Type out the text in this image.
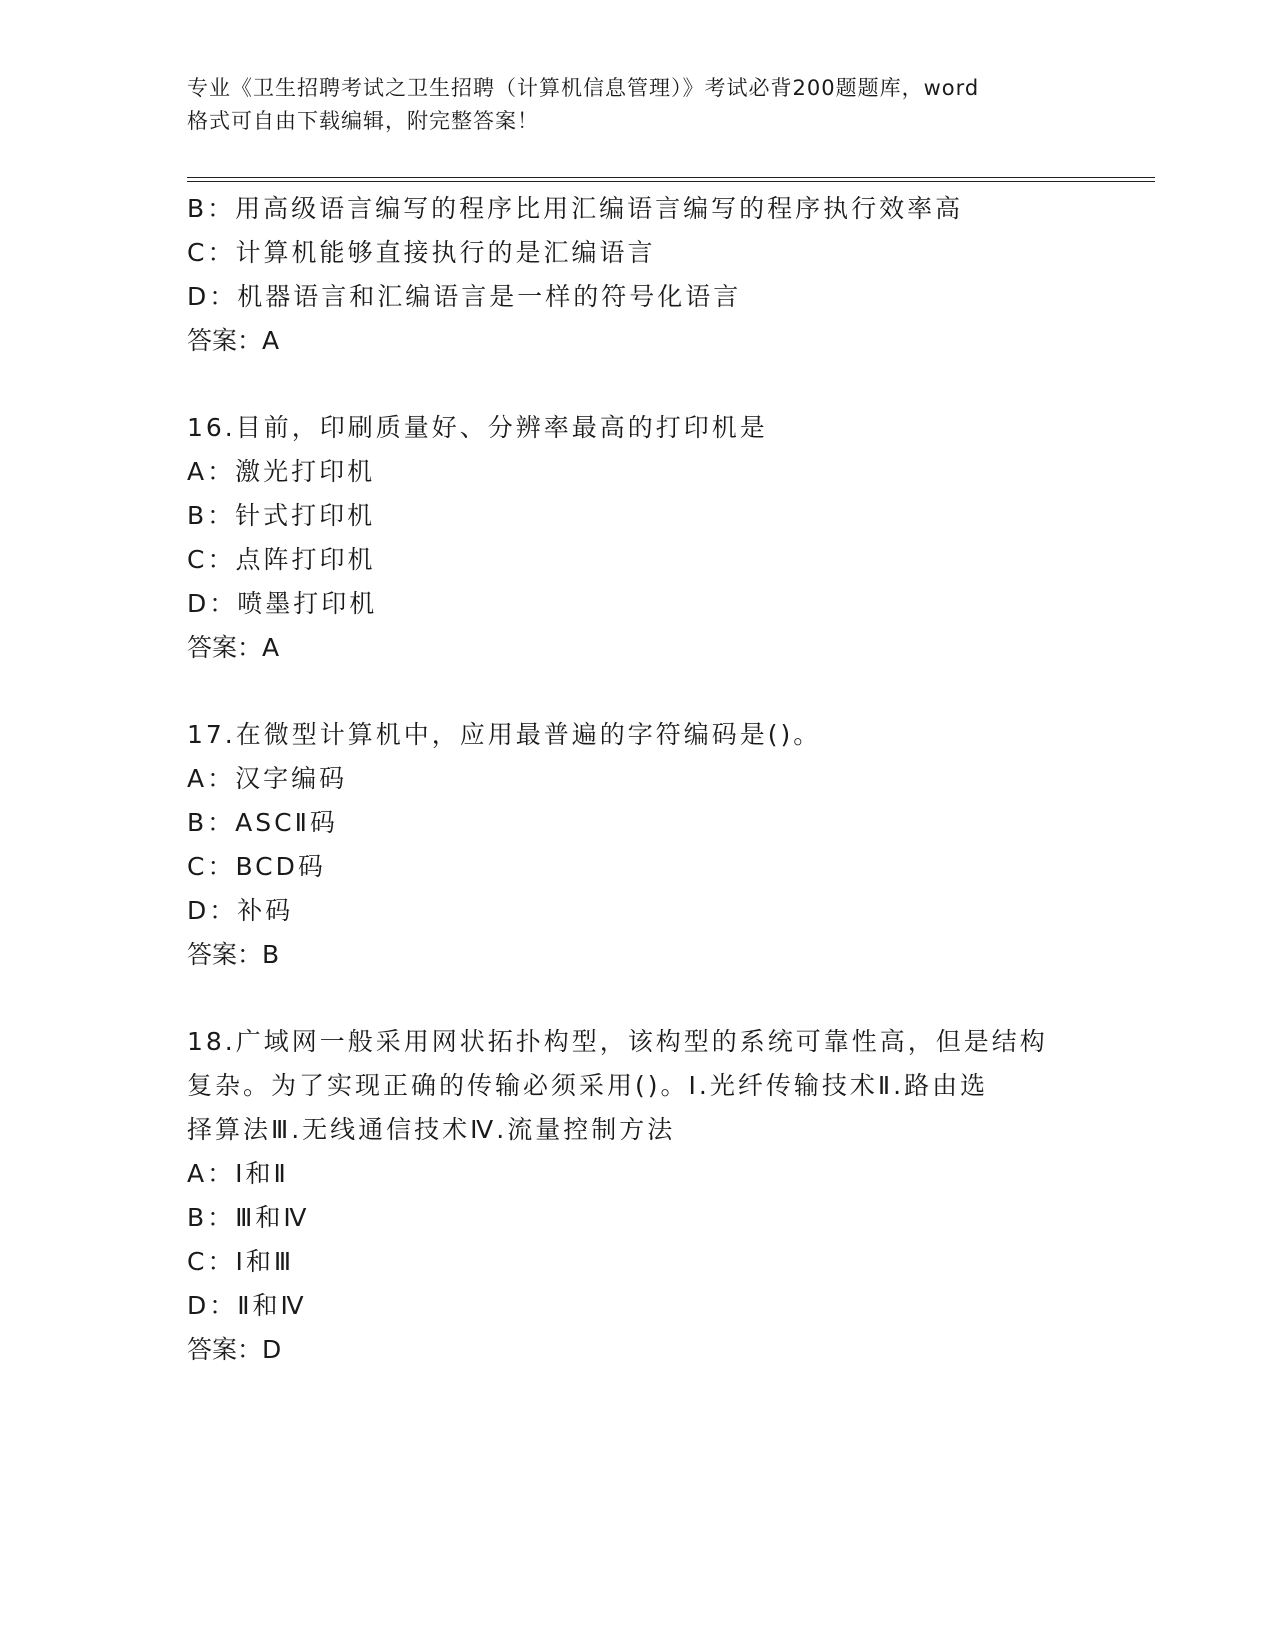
专业《卫生招聘考试之卫生招聘（计算机信息管理）》考试必背200题题库，word
格式可自由下载编辑，附完整答案！
B：用高级语言编写的程序比用汇编语言编写的程序执行效率高
C：计算机能够直接执行的是汇编语言
D：机器语言和汇编语言是一样的符号化语言
答案：A
16.目前，印刷质量好、分辨率最高的打印机是
A：激光打印机
B：针式打印机
C：点阵打印机
D：喷墨打印机
答案：A
17.在微型计算机中，应用最普遍的字符编码是()。
A：汉字编码
B：ASCⅡ码
C：BCD码
D：补码
答案：B
18.广域网一般采用网状拓扑构型，该构型的系统可靠性高，但是结构
复杂。为了实现正确的传输必须采用()。Ⅰ.光纤传输技术Ⅱ.路由选
择算法Ⅲ.无线通信技术Ⅳ.流量控制方法
A：Ⅰ和Ⅱ
B：Ⅲ和Ⅳ
C：Ⅰ和Ⅲ
D：Ⅱ和Ⅳ
答案：D
